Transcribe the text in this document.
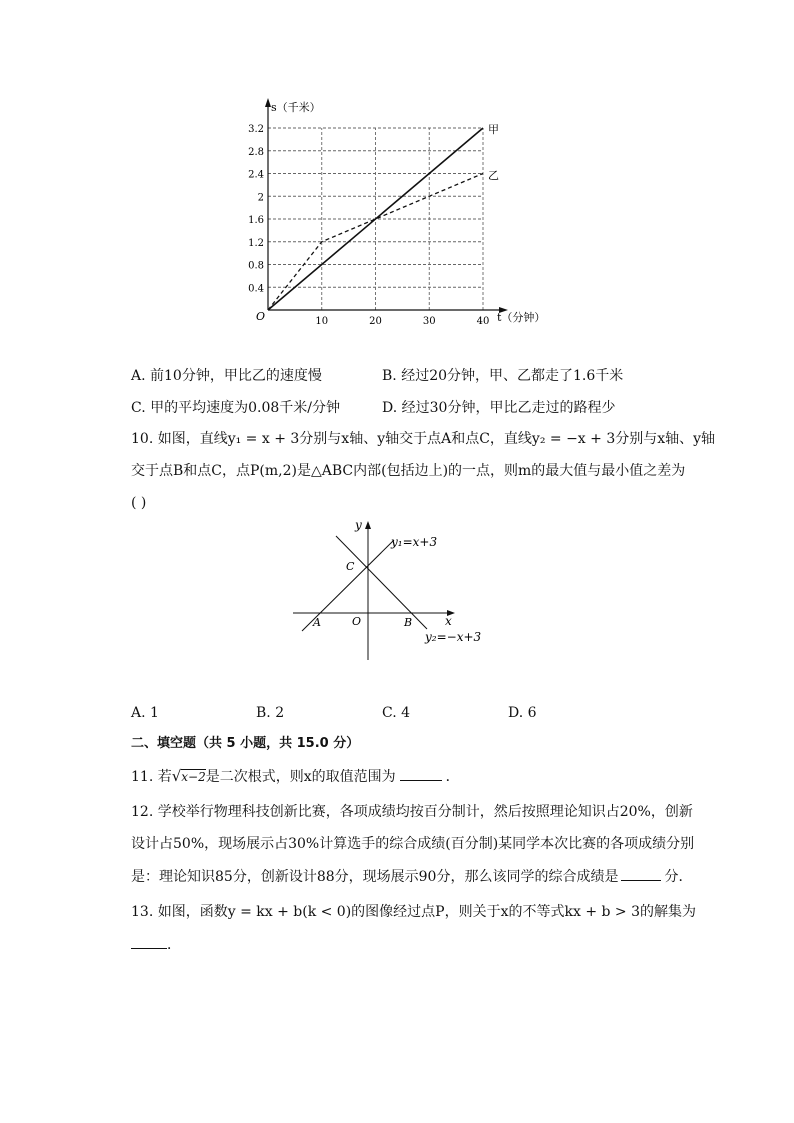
s（千米）
t（分钟）
O
0.4
0.8
1.2
1.6
2
2.4
2.8
3.2
10	20	30	40
甲
乙
A. 前10分钟，甲比乙的速度慢	B. 经过20分钟，甲、乙都走了1.6千米
C. 甲的平均速度为0.08千米/分钟	D. 经过30分钟，甲比乙走过的路程少
10. 如图，直线y₁ = x + 3分别与x轴、y轴交于点A和点C，直线y₂ = −x + 3分别与x轴、y轴
交于点B和点C，点P(m,2)是△ABC内部(包括边上)的一点，则m的最大值与最小值之差为
( )
y
x
O
A	B
C
y₁=x+3
y₂=−x+3
A. 1	B. 2	C. 4	D. 6
二、填空题（共 5 小题，共 15.0 分）
11. 若√x−2是二次根式，则x的取值范围为	．
12. 学校举行物理科技创新比赛，各项成绩均按百分制计，然后按照理论知识占20%，创新
设计占50%，现场展示占30%计算选手的综合成绩(百分制)某同学本次比赛的各项成绩分别
是：理论知识85分，创新设计88分，现场展示90分，那么该同学的综合成绩是	分．
13. 如图，函数y = kx + b(k < 0)的图像经过点P，则关于x的不等式kx + b > 3的解集为
．
